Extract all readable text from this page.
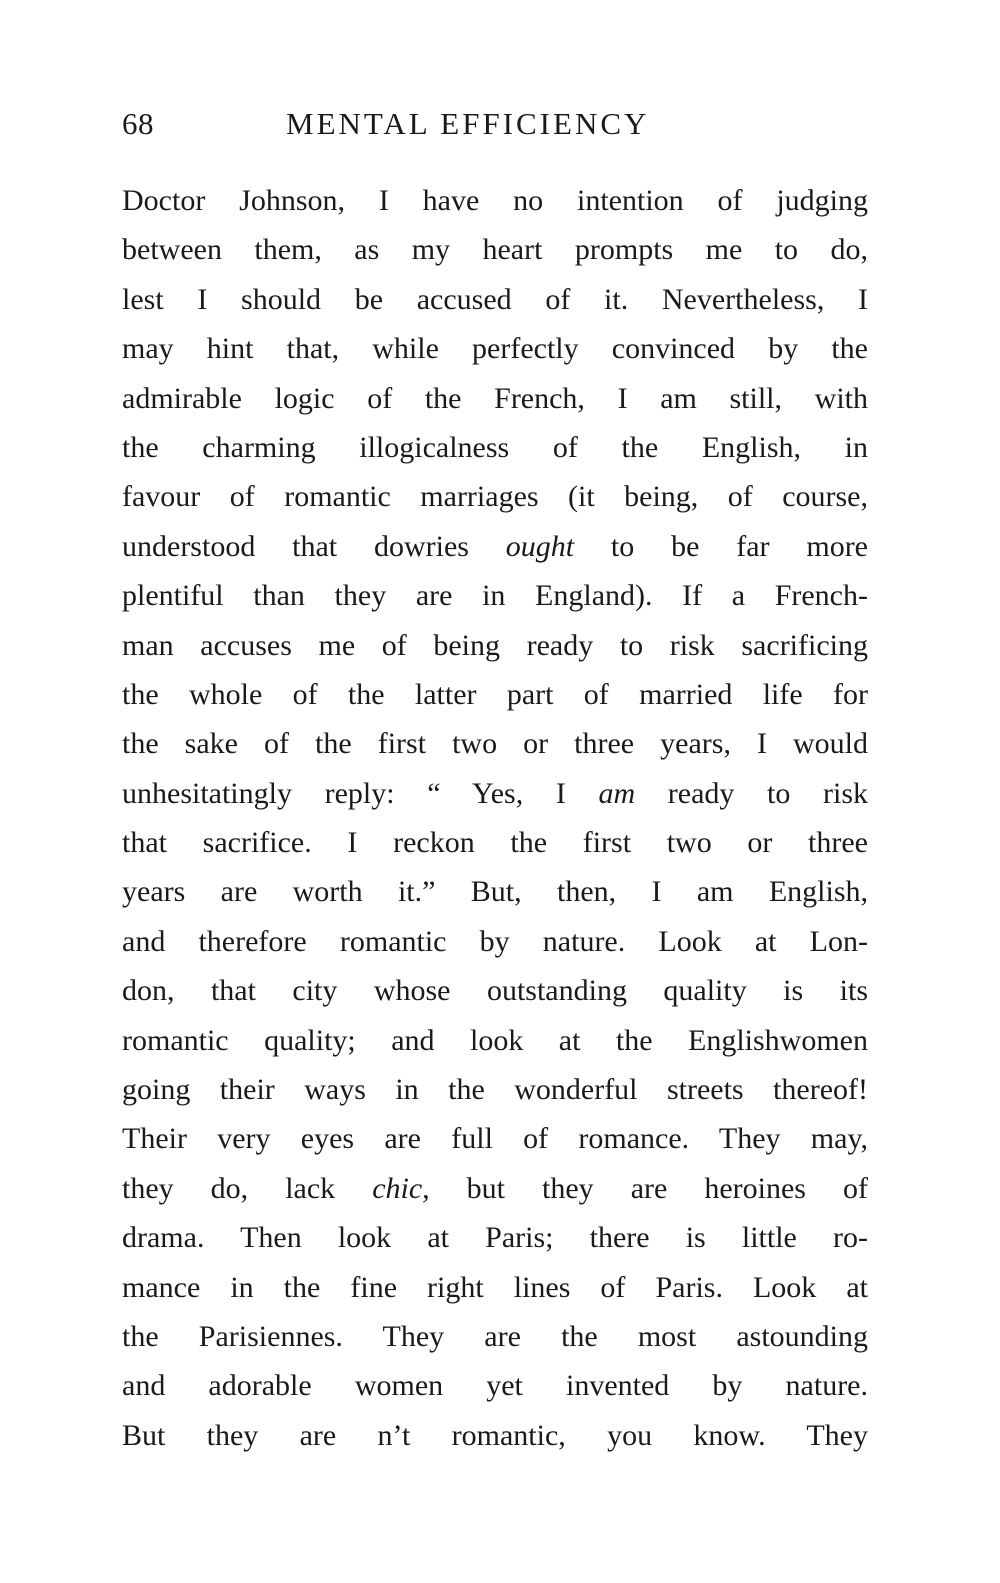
68	MENTAL EFFICIENCY
Doctor Johnson, I have no intention of judging
between them, as my heart prompts me to do,
lest I should be accused of it. Nevertheless, I
may hint that, while perfectly convinced by the
admirable logic of the French, I am still, with
the charming illogicalness of the English, in
favour of romantic marriages (it being, of course,
understood that dowries ought to be far more
plentiful than they are in England). If a French-
man accuses me of being ready to risk sacrificing
the whole of the latter part of married life for
the sake of the first two or three years, I would
unhesitatingly reply: “ Yes, I am ready to risk
that sacrifice. I reckon the first two or three
years are worth it.” But, then, I am English,
and therefore romantic by nature. Look at Lon-
don, that city whose outstanding quality is its
romantic quality; and look at the Englishwomen
going their ways in the wonderful streets thereof!
Their very eyes are full of romance. They may,
they do, lack chic, but they are heroines of
drama. Then look at Paris; there is little ro-
mance in the fine right lines of Paris. Look at
the Parisiennes. They are the most astounding
and adorable women yet invented by nature.
But they are n’t romantic, you know. They
